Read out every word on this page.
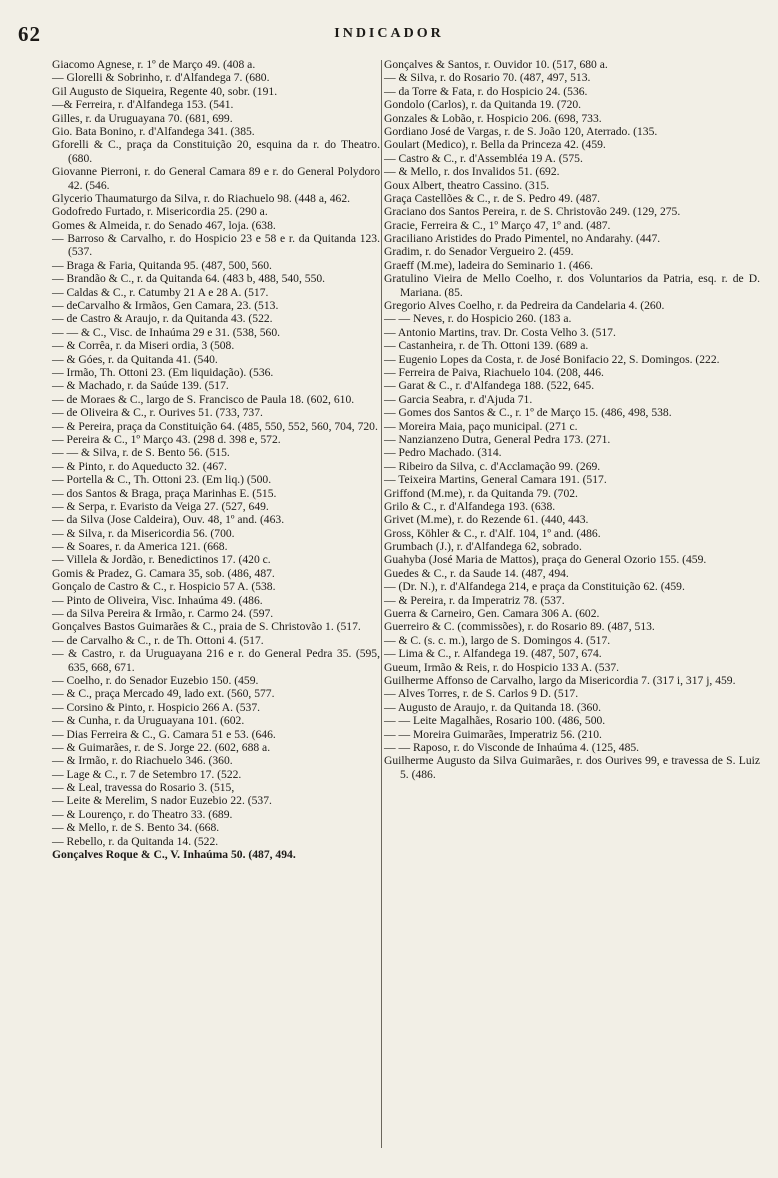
62	INDICADOR

Giacomo Agnese, r. 1º de Março 49. (408 a.

— Glorelli & Sobrinho, r. d'Alfandega 7. (680.

Gil Augusto de Siqueira, Regente 40, sobr. (191.

—& Ferreira, r. d'Alfandega 153. (541.

Gilles, r. da Uruguayana 70. (681, 699.

Gio. Bata Bonino, r. d'Alfandega 341. (385.

Gforelli & C., praça da Constituição 20, esquina da r. do Theatro. (680.

Giovanne Pierroni, r. do General Camara 89 e r. do General Polydoro 42. (546.

Glycerio Thaumaturgo da Silva, r. do Riachuelo 98. (448 a, 462.

Godofredo Furtado, r. Misericordia 25. (290 a.

Gomes & Almeida, r. do Senado 467, loja. (638.

— Barroso & Carvalho, r. do Hospicio 23 e 58 e r. da Quitanda 123. (537.

— Braga & Faria, Quitanda 95. (487, 500, 560.

— Brandão & C., r. da Quitanda 64. (483 b, 488, 540, 550.

— Caldas & C., r. Catumby 21 A e 28 A. (517.

— deCarvalho & Irmãos, Gen Camara, 23. (513.

— de Castro & Araujo, r. da Quitanda 43. (522.

— — & C., Visc. de Inhaúma 29 e 31. (538, 560.

— & Corrêa, r. da Miseri ordia, 3 (508.

— & Góes, r. da Quitanda 41. (540.

— Irmão, Th. Ottoni 23. (Em liquidação). (536.

— & Machado, r. da Saúde 139. (517.

— de Moraes & C., largo de S. Francisco de Paula 18. (602, 610.

— de Oliveira & C., r. Ourives 51. (733, 737.

— & Pereira, praça da Constituição 64. (485, 550, 552, 560, 704, 720.

— Pereira & C., 1º Março 43. (298 d. 398 e, 572.

— — & Silva, r. de S. Bento 56. (515.

— & Pinto, r. do Aqueducto 32. (467.

— Portella & C., Th. Ottoni 23. (Em liq.) (500.

— dos Santos & Braga, praça Marinhas E. (515.

— & Serpa, r. Evaristo da Veiga 27. (527, 649.

— da Silva (Jose Caldeira), Ouv. 48, 1º and. (463.

— & Silva, r. da Misericordia 56. (700.

— & Soares, r. da America 121. (668.

— Villela & Jordão, r. Benedictinos 17. (420 c.

Gomis & Pradez, G. Camara 35, sob. (486, 487.

Gonçalo de Castro & C., r. Hospicio 57 A. (538.

— Pinto de Oliveira, Visc. Inhaúma 49. (486.

— da Silva Pereira & Irmão, r. Carmo 24. (597.

Gonçalves Bastos Guimarães & C., praia de S. Christovão 1. (517.

— de Carvalho & C., r. de Th. Ottoni 4. (517.

— & Castro, r. da Uruguayana 216 e r. do General Pedra 35. (595, 635, 668, 671.

— Coelho, r. do Senador Euzebio 150. (459.

— & C., praça Mercado 49, lado ext. (560, 577.

— Corsino & Pinto, r. Hospicio 266 A. (537.

— & Cunha, r. da Uruguayana 101. (602.

— Dias Ferreira & C., G. Camara 51 e 53. (646.

— & Guimarães, r. de S. Jorge 22. (602, 688 a.

— & Irmão, r. do Riachuelo 346. (360.

— Lage & C., r. 7 de Setembro 17. (522.

— & Leal, travessa do Rosario 3. (515,

— Leite & Merelim, S nador Euzebio 22. (537.

— & Lourenço, r. do Theatro 33. (689.

— & Mello, r. de S. Bento 34. (668.

— Rebello, r. da Quitanda 14. (522.

Gonçalves Roque & C., V. Inhaúma 50. (487, 494.

Gonçalves & Santos, r. Ouvidor 10. (517, 680 a.

— & Silva, r. do Rosario 70. (487, 497, 513.

— da Torre & Fata, r. do Hospicio 24. (536.

Gondolo (Carlos), r. da Quitanda 19. (720.

Gonzales & Lobão, r. Hospicio 206. (698, 733.

Gordiano José de Vargas, r. de S. João 120, Aterrado. (135.

Goulart (Medico), r. Bella da Princeza 42. (459.

— Castro & C., r. d'Assembléa 19 A. (575.

— & Mello, r. dos Invalidos 51. (692.

Goux Albert, theatro Cassino. (315.

Graça Castellões & C., r. de S. Pedro 49. (487.

Graciano dos Santos Pereira, r. de S. Christovão 249. (129, 275.

Gracie, Ferreira & C., 1º Março 47, 1º and. (487.

Graciliano Aristides do Prado Pimentel, no Andarahy. (447.

Gradim, r. do Senador Vergueiro 2. (459.

Graeff (M.me), ladeira do Seminario 1. (466.

Gratulino Vieira de Mello Coelho, r. dos Voluntarios da Patria, esq. r. de D. Mariana. (85.

Gregorio Alves Coelho, r. da Pedreira da Candelaria 4. (260.

— — Neves, r. do Hospicio 260. (183 a.

— Antonio Martins, trav. Dr. Costa Velho 3. (517.

— Castanheira, r. de Th. Ottoni 139. (689 a.

— Eugenio Lopes da Costa, r. de José Bonifacio 22, S. Domingos. (222.

— Ferreira de Paiva, Riachuelo 104. (208, 446.

— Garat & C., r. d'Alfandega 188. (522, 645.

— Garcia Seabra, r. d'Ajuda 71.

— Gomes dos Santos & C., r. 1º de Março 15. (486, 498, 538.

— Moreira Maia, paço municipal. (271 c.

— Nanzianzeno Dutra, General Pedra 173. (271.

— Pedro Machado. (314.

— Ribeiro da Silva, c. d'Acclamação 99. (269.

— Teixeira Martins, General Camara 191. (517.

Griffond (M.me), r. da Quitanda 79. (702.

Grilo & C., r. d'Alfandega 193. (638.

Grivet (M.me), r. do Rezende 61. (440, 443.

Gross, Köhler & C., r. d'Alf. 104, 1º and. (486.

Grumbach (J.), r. d'Alfandega 62, sobrado.

Guahyba (José Maria de Mattos), praça do General Ozorio 155. (459.

Guedes & C., r. da Saude 14. (487, 494.

— (Dr. N.), r. d'Alfandega 214, e praça da Constituição 62. (459.

— & Pereira, r. da Imperatriz 78. (537.

Guerra & Carneiro, Gen. Camara 306 A. (602.

Guerreiro & C. (commissões), r. do Rosario 89. (487, 513.

— & C. (s. c. m.), largo de S. Domingos 4. (517.

— Lima & C., r. Alfandega 19. (487, 507, 674.

Gueum, Irmão & Reis, r. do Hospicio 133 A. (537.

Guilherme Affonso de Carvalho, largo da Misericordia 7. (317 i, 317 j, 459.

— Alves Torres, r. de S. Carlos 9 D. (517.

— Augusto de Araujo, r. da Quitanda 18. (360.

— — Leite Magalhães, Rosario 100. (486, 500.

— — Moreira Guimarães, Imperatriz 56. (210.

— — Raposo, r. do Visconde de Inhaúma 4. (125, 485.

Guilherme Augusto da Silva Guimarães, r. dos Ourives 99, e travessa de S. Luiz 5. (486.
